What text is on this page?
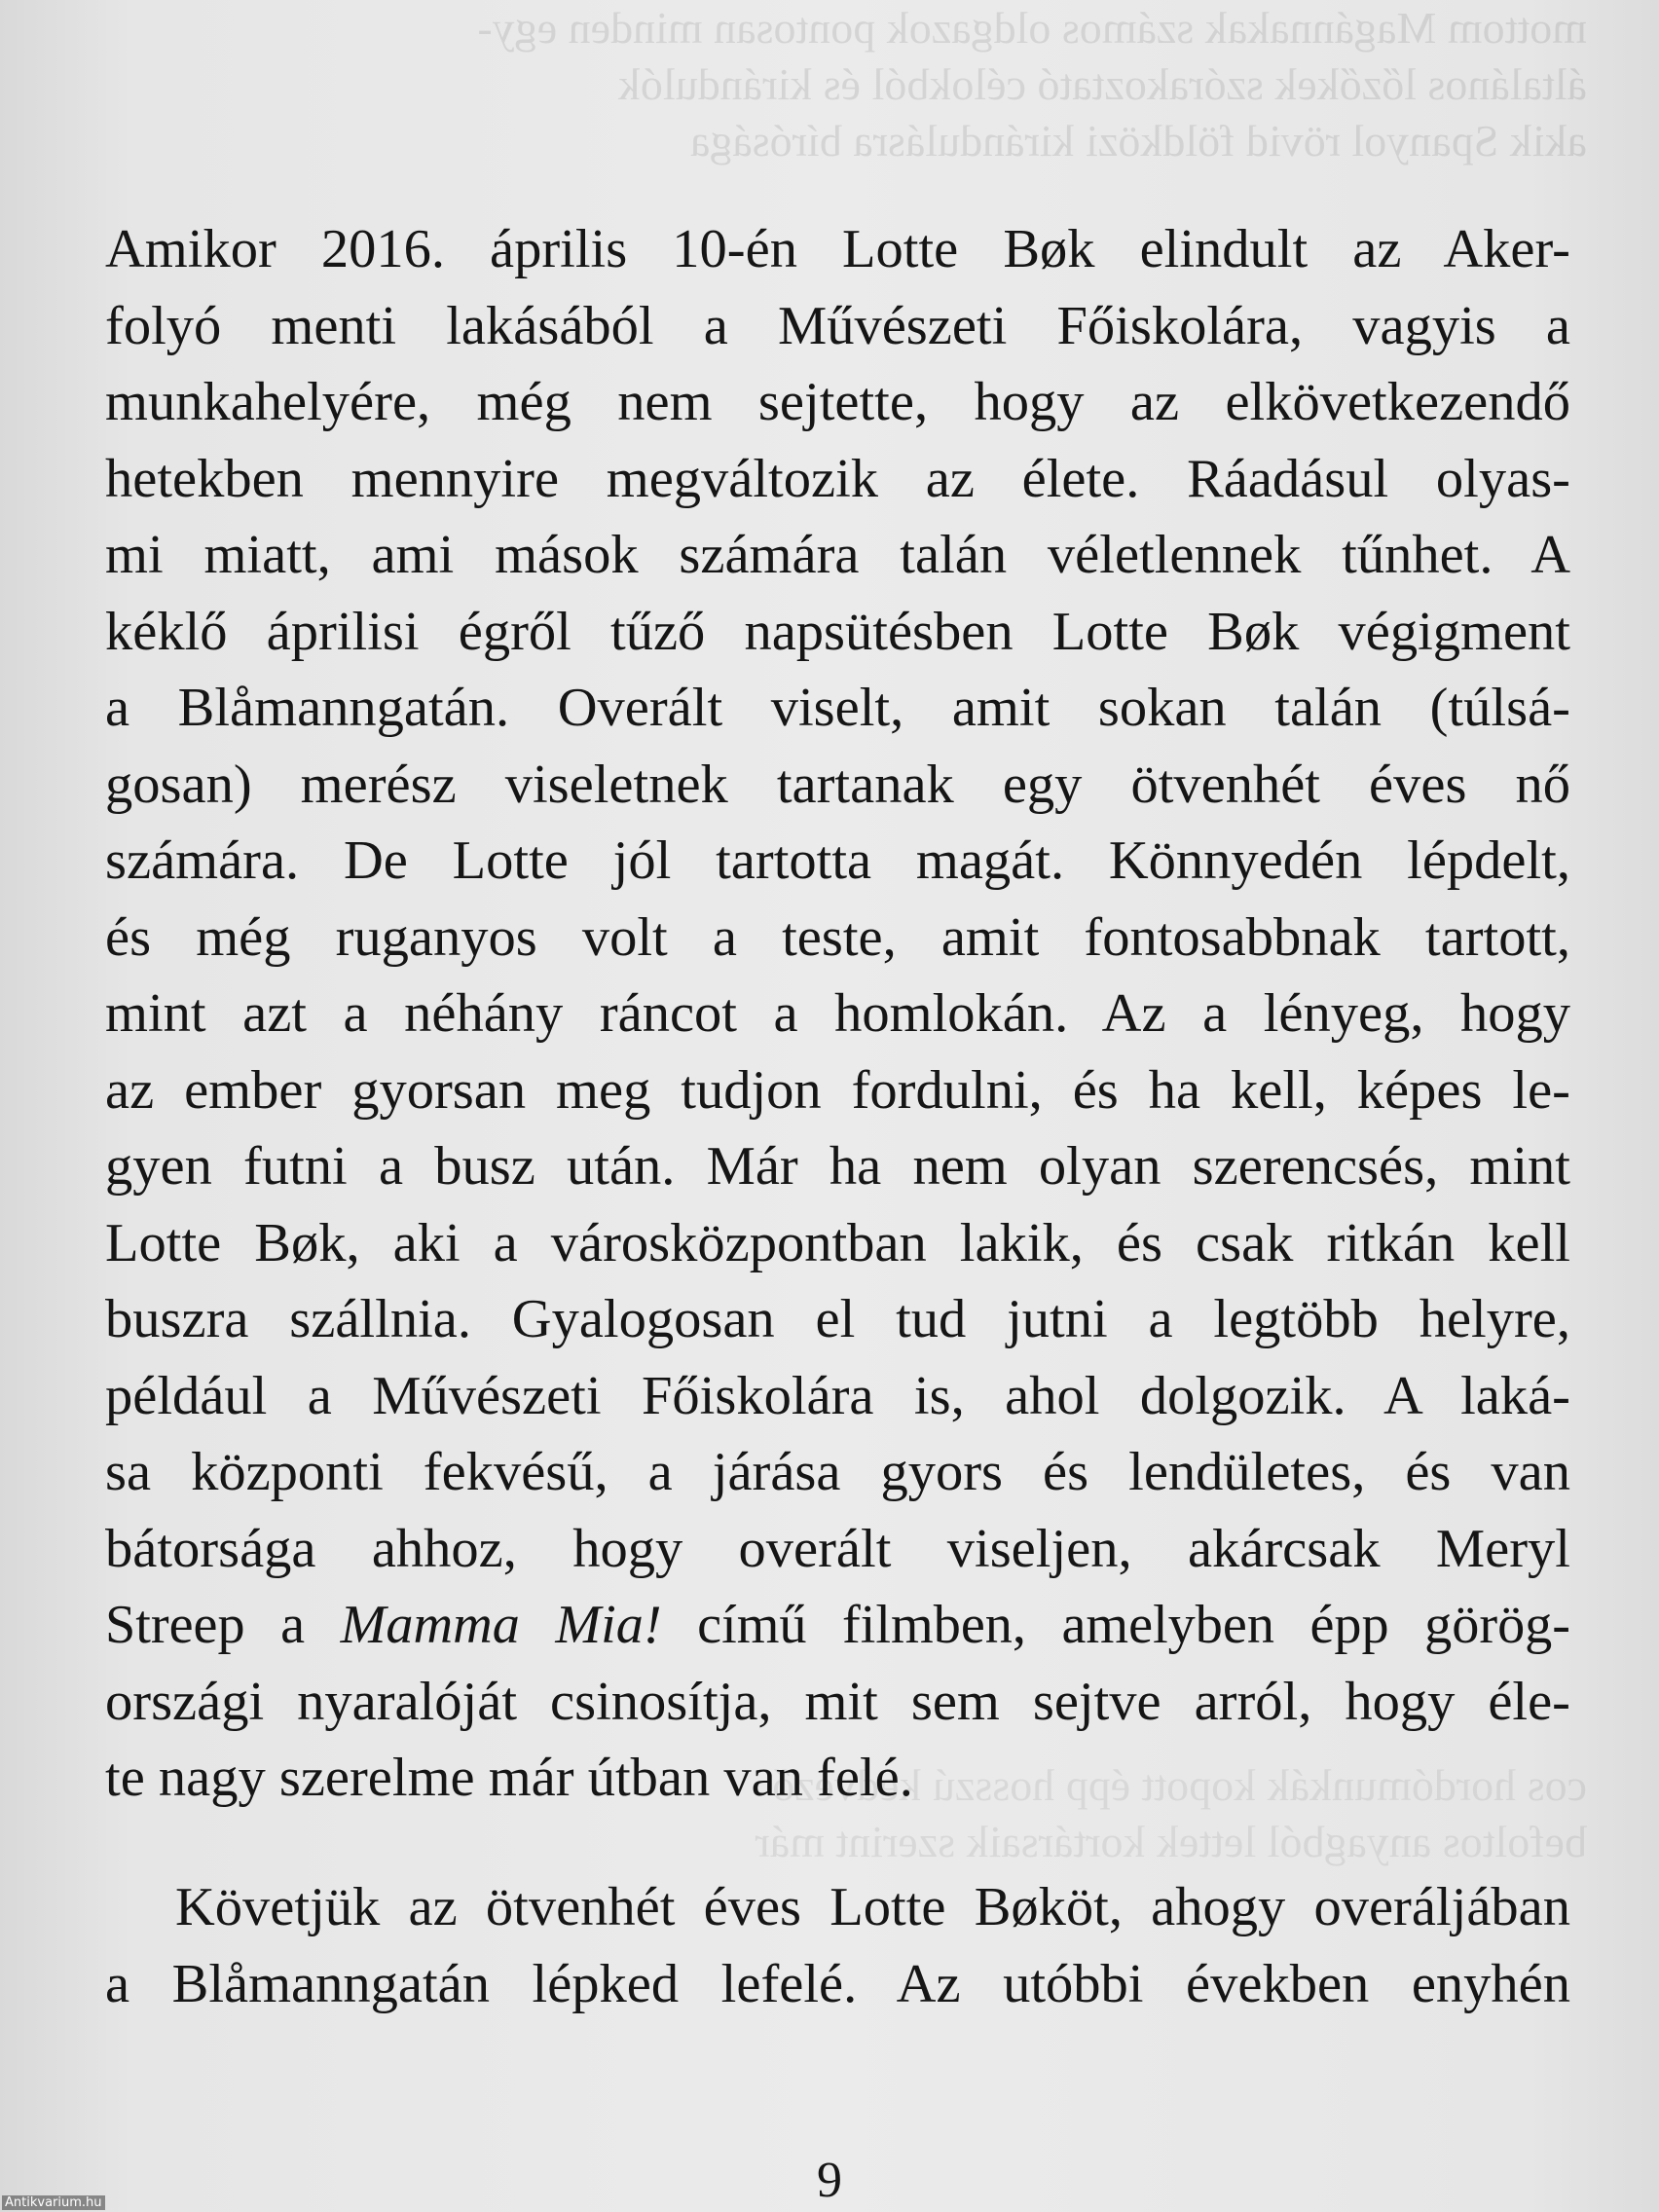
mottom Magánnakak számos oldgazok pontosan minden egy-
általános lőzőkek szórakoztató célokból és kirándulók
akik Spanyol rövid földközi kirándulásra bírósága
cos hordómunkák kopott épp hosszú kedvező
befoltos anyagból lettek kortársaik szerint már
Amikor 2016. április 10-én Lotte Bøk elindult az Aker-
folyó menti lakásából a Művészeti Főiskolára, vagyis a
munkahelyére, még nem sejtette, hogy az elkövetkezendő
hetekben mennyire megváltozik az élete. Ráadásul olyas-
mi miatt, ami mások számára talán véletlennek tűnhet. A
kéklő áprilisi égről tűző napsütésben Lotte Bøk végigment
a Blåmanngatán. Overált viselt, amit sokan talán (túlsá-
gosan) merész viseletnek tartanak egy ötvenhét éves nő
számára. De Lotte jól tartotta magát. Könnyedén lépdelt,
és még ruganyos volt a teste, amit fontosabbnak tartott,
mint azt a néhány ráncot a homlokán. Az a lényeg, hogy
az ember gyorsan meg tudjon fordulni, és ha kell, képes le-
gyen futni a busz után. Már ha nem olyan szerencsés, mint
Lotte Bøk, aki a városközpontban lakik, és csak ritkán kell
buszra szállnia. Gyalogosan el tud jutni a legtöbb helyre,
például a Művészeti Főiskolára is, ahol dolgozik. A laká-
sa központi fekvésű, a járása gyors és lendületes, és van
bátorsága ahhoz, hogy overált viseljen, akárcsak Meryl
Streep a Mamma Mia! című filmben, amelyben épp görög-
országi nyaralóját csinosítja, mit sem sejtve arról, hogy éle-
te nagy szerelme már útban van felé.
Követjük az ötvenhét éves Lotte Bøköt, ahogy overáljában
a Blåmanngatán lépked lefelé. Az utóbbi években enyhén
9
Antikvarium.hu
